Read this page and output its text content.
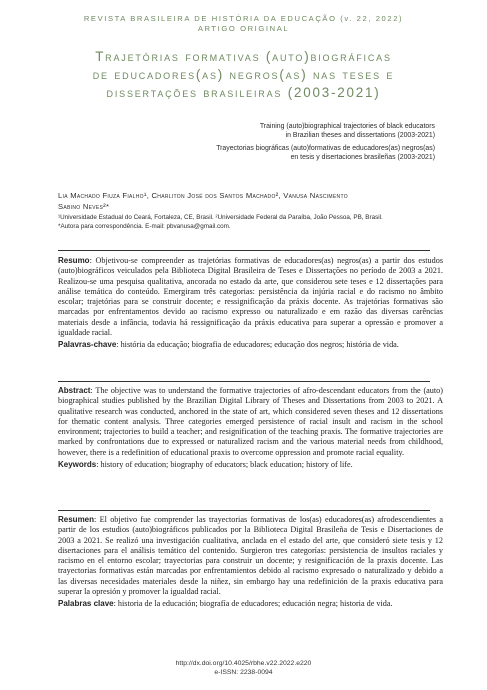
REVISTA BRASILEIRA DE HISTÓRIA DA EDUCAÇÃO (v. 22, 2022)
ARTIGO ORIGINAL
Trajetórias formativas (auto)biográficas
de educadores(as) negros(as) nas teses e
dissertações brasileiras (2003-2021)

Training (auto)biographical trajectories of black educators
in Brazilian theses and dissertations (2003-2021)

Trayectorias biográficas (auto)formativas de educadores(as) negros(as)
en tesis y disertaciones brasileñas (2003-2021)

Lia Machado Fiuza Fialho¹, Charliton José dos Santos Machado², Vanusa Nascimento
Sabino Neves²*

¹Universidade Estadual do Ceará, Fortaleza, CE, Brasil. ²Universidade Federal da Paraíba, João Pessoa, PB, Brasil.

*Autora para correspondência. E-mail: pbvanusa@gmail.com.

Resumo: Objetivou-se compreender as trajetórias formativas de educadores(as) negros(as) a partir dos estudos (auto)biográficos veiculados pela Biblioteca Digital Brasileira de Teses e Dissertações no período de 2003 a 2021. Realizou-se uma pesquisa qualitativa, ancorada no estado da arte, que considerou sete teses e 12 dissertações para análise temática do conteúdo. Emergiram três categorias: persistência da injúria racial e do racismo no âmbito escolar; trajetórias para se construir docente; e ressignificação da práxis docente. As trajetórias formativas são marcadas por enfrentamentos devido ao racismo expresso ou naturalizado e em razão das diversas carências materiais desde a infância, todavia há ressignificação da práxis educativa para superar a opressão e promover a igualdade racial.

Palavras-chave: história da educação; biografia de educadores; educação dos negros; história de vida.

Abstract: The objective was to understand the formative trajectories of afro-descendant educators from the (auto) biographical studies published by the Brazilian Digital Library of Theses and Dissertations from 2003 to 2021. A qualitative research was conducted, anchored in the state of art, which considered seven theses and 12 dissertations for thematic content analysis. Three categories emerged persistence of racial insult and racism in the school environment; trajectories to build a teacher; and resignification of the teaching praxis. The formative trajectories are marked by confrontations due to expressed or naturalized racism and the various material needs from childhood, however, there is a redefinition of educational praxis to overcome oppression and promote racial equality.

Keywords: history of education; biography of educators; black education; history of life.

Resumen: El objetivo fue comprender las trayectorias formativas de los(as) educadores(as) afrodescendientes a partir de los estudios (auto)biográficos publicados por la Biblioteca Digital Brasileña de Tesis e Disertaciones de 2003 a 2021. Se realizó una investigación cualitativa, anclada en el estado del arte, que consideró siete tesis y 12 disertaciones para el análisis temático del contenido. Surgieron tres categorías: persistencia de insultos raciales y racismo en el entorno escolar; trayectorias para construir un docente; y resignificación de la praxis docente. Las trayectorias formativas están marcadas por enfrentamientos debido al racismo expresado o naturalizado y debido a las diversas necesidades materiales desde la niñez, sin embargo hay una redefinición de la praxis educativa para superar la opresión y promover la igualdad racial.

Palabras clave: historia de la educación; biografía de educadores; educación negra; historia de vida.

http://dx.doi.org/10.4025/rbhe.v22.2022.e220
e-ISSN: 2238-0094
